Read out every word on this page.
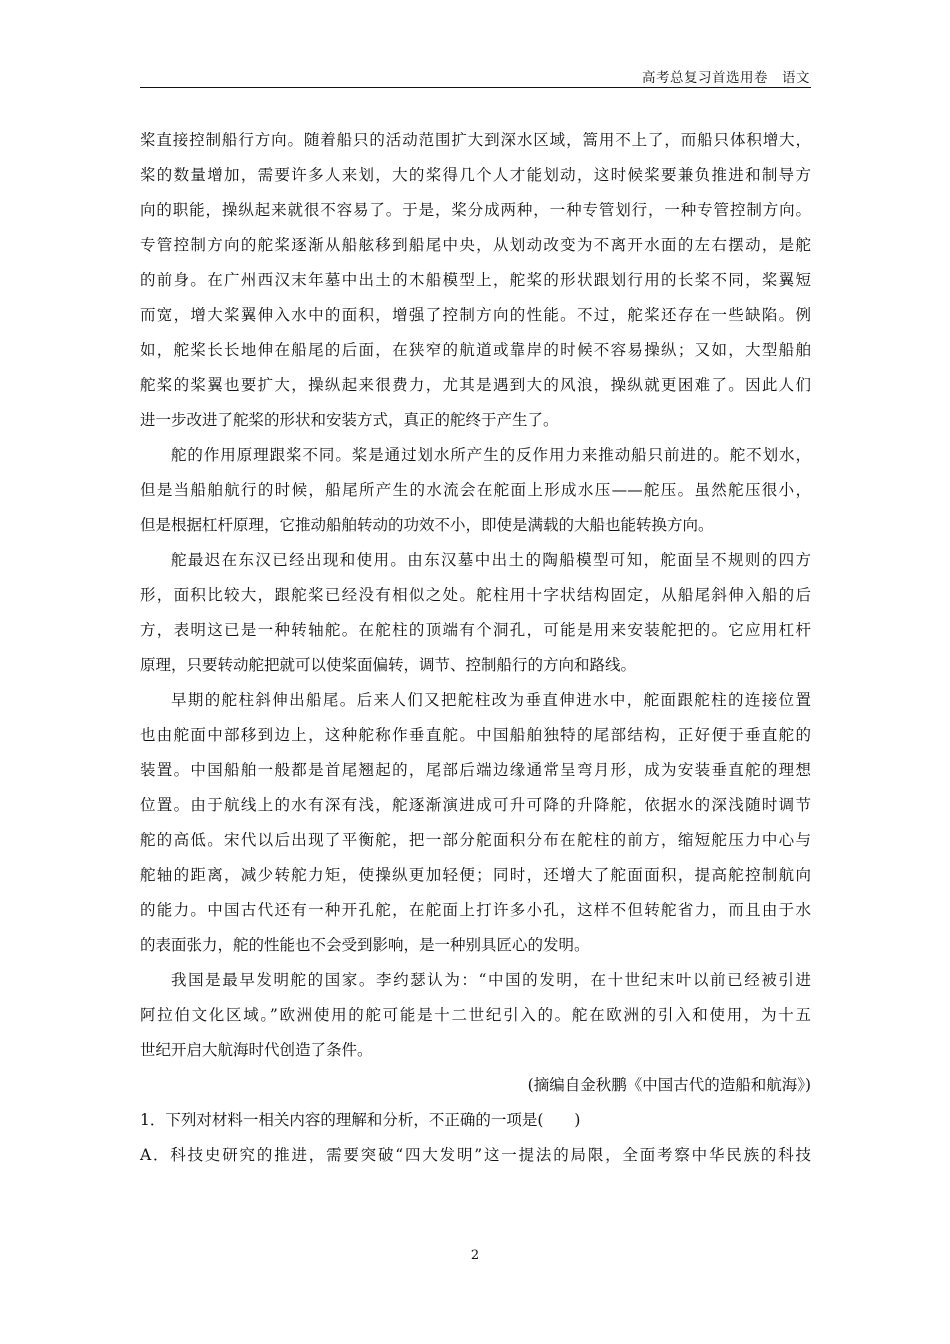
高考总复习首选用卷　语文
桨直接控制船行方向。随着船只的活动范围扩大到深水区域，篙用不上了，而船只体积增大，
桨的数量增加，需要许多人来划，大的桨得几个人才能划动，这时候桨要兼负推进和制导方
向的职能，操纵起来就很不容易了。于是，桨分成两种，一种专管划行，一种专管控制方向。
专管控制方向的舵桨逐渐从船舷移到船尾中央，从划动改变为不离开水面的左右摆动，是舵
的前身。在广州西汉末年墓中出土的木船模型上，舵桨的形状跟划行用的长桨不同，桨翼短
而宽，增大桨翼伸入水中的面积，增强了控制方向的性能。不过，舵桨还存在一些缺陷。例
如，舵桨长长地伸在船尾的后面，在狭窄的航道或靠岸的时候不容易操纵；又如，大型船舶
舵桨的桨翼也要扩大，操纵起来很费力，尤其是遇到大的风浪，操纵就更困难了。因此人们
进一步改进了舵桨的形状和安装方式，真正的舵终于产生了。
舵的作用原理跟桨不同。桨是通过划水所产生的反作用力来推动船只前进的。舵不划水，
但是当船舶航行的时候，船尾所产生的水流会在舵面上形成水压——舵压。虽然舵压很小，
但是根据杠杆原理，它推动船舶转动的功效不小，即使是满载的大船也能转换方向。
舵最迟在东汉已经出现和使用。由东汉墓中出土的陶船模型可知，舵面呈不规则的四方
形，面积比较大，跟舵桨已经没有相似之处。舵柱用十字状结构固定，从船尾斜伸入船的后
方，表明这已是一种转轴舵。在舵柱的顶端有个洞孔，可能是用来安装舵把的。它应用杠杆
原理，只要转动舵把就可以使桨面偏转，调节、控制船行的方向和路线。
早期的舵柱斜伸出船尾。后来人们又把舵柱改为垂直伸进水中，舵面跟舵柱的连接位置
也由舵面中部移到边上，这种舵称作垂直舵。中国船舶独特的尾部结构，正好便于垂直舵的
装置。中国船舶一般都是首尾翘起的，尾部后端边缘通常呈弯月形，成为安装垂直舵的理想
位置。由于航线上的水有深有浅，舵逐渐演进成可升可降的升降舵，依据水的深浅随时调节
舵的高低。宋代以后出现了平衡舵，把一部分舵面积分布在舵柱的前方，缩短舵压力中心与
舵轴的距离，减少转舵力矩，使操纵更加轻便；同时，还增大了舵面面积，提高舵控制航向
的能力。中国古代还有一种开孔舵，在舵面上打许多小孔，这样不但转舵省力，而且由于水
的表面张力，舵的性能也不会受到影响，是一种别具匠心的发明。
我国是最早发明舵的国家。李约瑟认为：“中国的发明，在十世纪末叶以前已经被引进
阿拉伯文化区域。”欧洲使用的舵可能是十二世纪引入的。舵在欧洲的引入和使用，为十五
世纪开启大航海时代创造了条件。
(摘编自金秋鹏《中国古代的造船和航海》)
1．下列对材料一相关内容的理解和分析，不正确的一项是(　　)
A．科技史研究的推进，需要突破“四大发明”这一提法的局限，全面考察中华民族的科技
2
